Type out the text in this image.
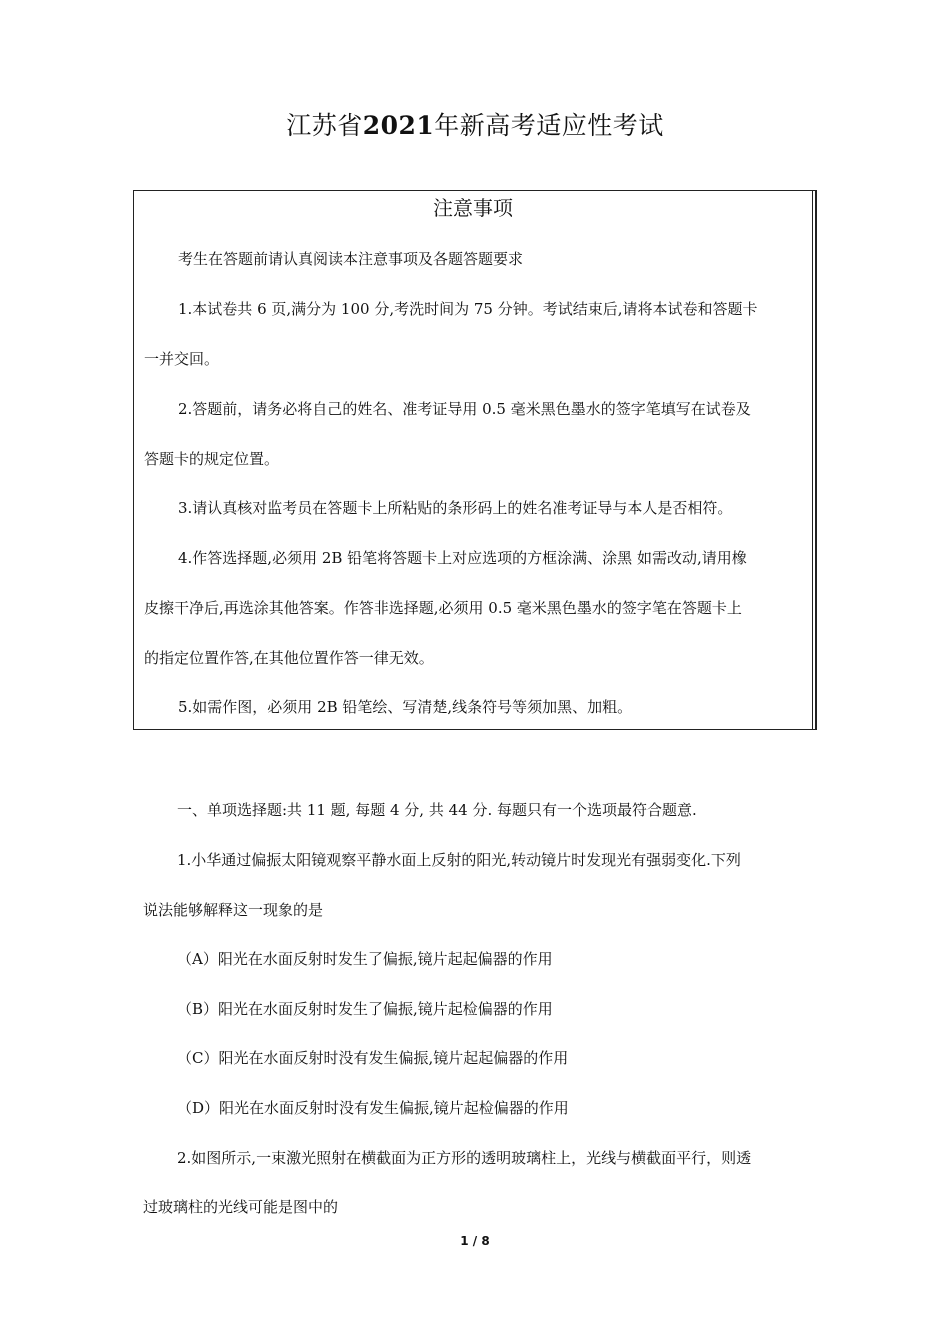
江苏省2021年新高考适应性考试
注意事项
考生在答题前请认真阅读本注意事项及各题答题要求
1.本试卷共 6 页,满分为 100 分,考洗时间为 75 分钟。考试结束后,请将本试卷和答题卡
一并交回。
2.答题前，请务必将自己的姓名、准考证导用 0.5 毫米黑色墨水的签字笔填写在试卷及
答题卡的规定位置。
3.请认真核对监考员在答题卡上所粘贴的条形码上的姓名准考证导与本人是否相符。
4.作答选择题,必须用 2B 铅笔将答题卡上对应选项的方框涂满、涂黑 如需改动,请用橡
皮擦干净后,再选涂其他答案。作答非选择题,必须用 0.5 毫米黑色墨水的签字笔在答题卡上
的指定位置作答,在其他位置作答一律无效。
5.如需作图，必须用 2B 铅笔绘、写清楚,线条符号等须加黑、加粗。
一、单项选择题:共 11 题, 每题 4 分, 共 44 分. 每题只有一个选项最符合题意.
1.小华通过偏振太阳镜观察平静水面上反射的阳光,转动镜片时发现光有强弱变化.下列
说法能够解释这一现象的是
（A）阳光在水面反射时发生了偏振,镜片起起偏器的作用
（B）阳光在水面反射时发生了偏振,镜片起检偏器的作用
（C）阳光在水面反射时没有发生偏振,镜片起起偏器的作用
（D）阳光在水面反射时没有发生偏振,镜片起检偏器的作用
2.如图所示,一束激光照射在横截面为正方形的透明玻璃柱上，光线与横截面平行，则透
过玻璃柱的光线可能是图中的
1 / 8
